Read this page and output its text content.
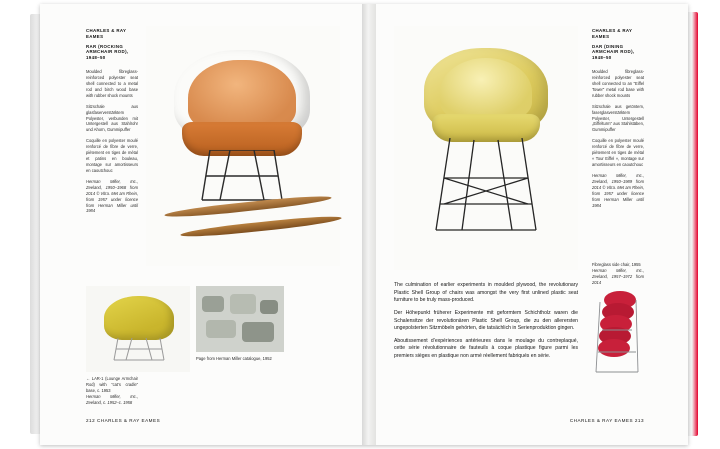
CHARLES & RAY EAMES
RAR (ROCKING ARMCHAIR ROD), 1948–50
Moulded fibreglass-reinforced polyester seat shell connected to a metal rod and birch wood base with rubber shock mounts
Sitzschale aus glasfaserverstärktem Polyester, verbunden mit Untergestell aus Stahlrohr und Ahorn, Gummipuffer
Coquille en polyester moulé renforcé de fibre de verre, piètement en tiges de métal et patins en bouleau, montage sur amortisseurs en caoutchouc
Herman Miller, Inc., Zeeland, 1950–1968 from 2014 © Vitra. Met am Rhein, from 1957 under licence from Herman Miller until 1984
← LAR-1 (Lounge Armchair Rod) with “cat’s cradle” base, c. 1953
Herman Miller, Inc., Zeeland, c. 1952–c. 1958
Page from Herman Miller catalogue, 1952
212 CHARLES & RAY EAMES
CHARLES & RAY EAMES
DAR (DINING ARMCHAIR ROD), 1948–50
Moulded fibreglass-reinforced polyester seat shell connected to an “Eiffel Tower” metal rod base with rubber shock mounts
Sitzschale aus getöntem, faserglasverstärktem Polyester, Untergestell „Eiffelturm“ aus Stahlstäben, Gummipuffer
Coquille en polyester moulé renforcé de fibre de verre, piètement en tiges de métal « Tour Eiffel », montage sur amortisseurs en caoutchouc
Herman Miller, Inc., Zeeland, 1950–1989 from 2014 © Vitra. Met am Rhein, from 1957 under licence from Herman Miller until 1984
Fibreglass side chair, 1955
Herman Miller, Inc., Zeeland, 1957–1972 from 2014

The culmination of earlier experiments in moulded plywood, the revolutionary Plastic Shell Group of chairs was amongst the very first unlined plastic seat furniture to be truly mass-produced.

Der Höhepunkt früherer Experimente mit geformtem Schichtholz waren die Schalensitze der revolutionären Plastic Shell Group, die zu den allerersten ungepolsterten Sitzmöbeln gehörten, die tatsächlich in Serienproduktion gingen.

Aboutissement d’expériences antérieures dans le moulage du contreplaqué, cette série révolutionnaire de fauteuils à coque plastique figure parmi les premiers sièges en plastique non armé réellement fabriqués en série.

CHARLES & RAY EAMES 213
